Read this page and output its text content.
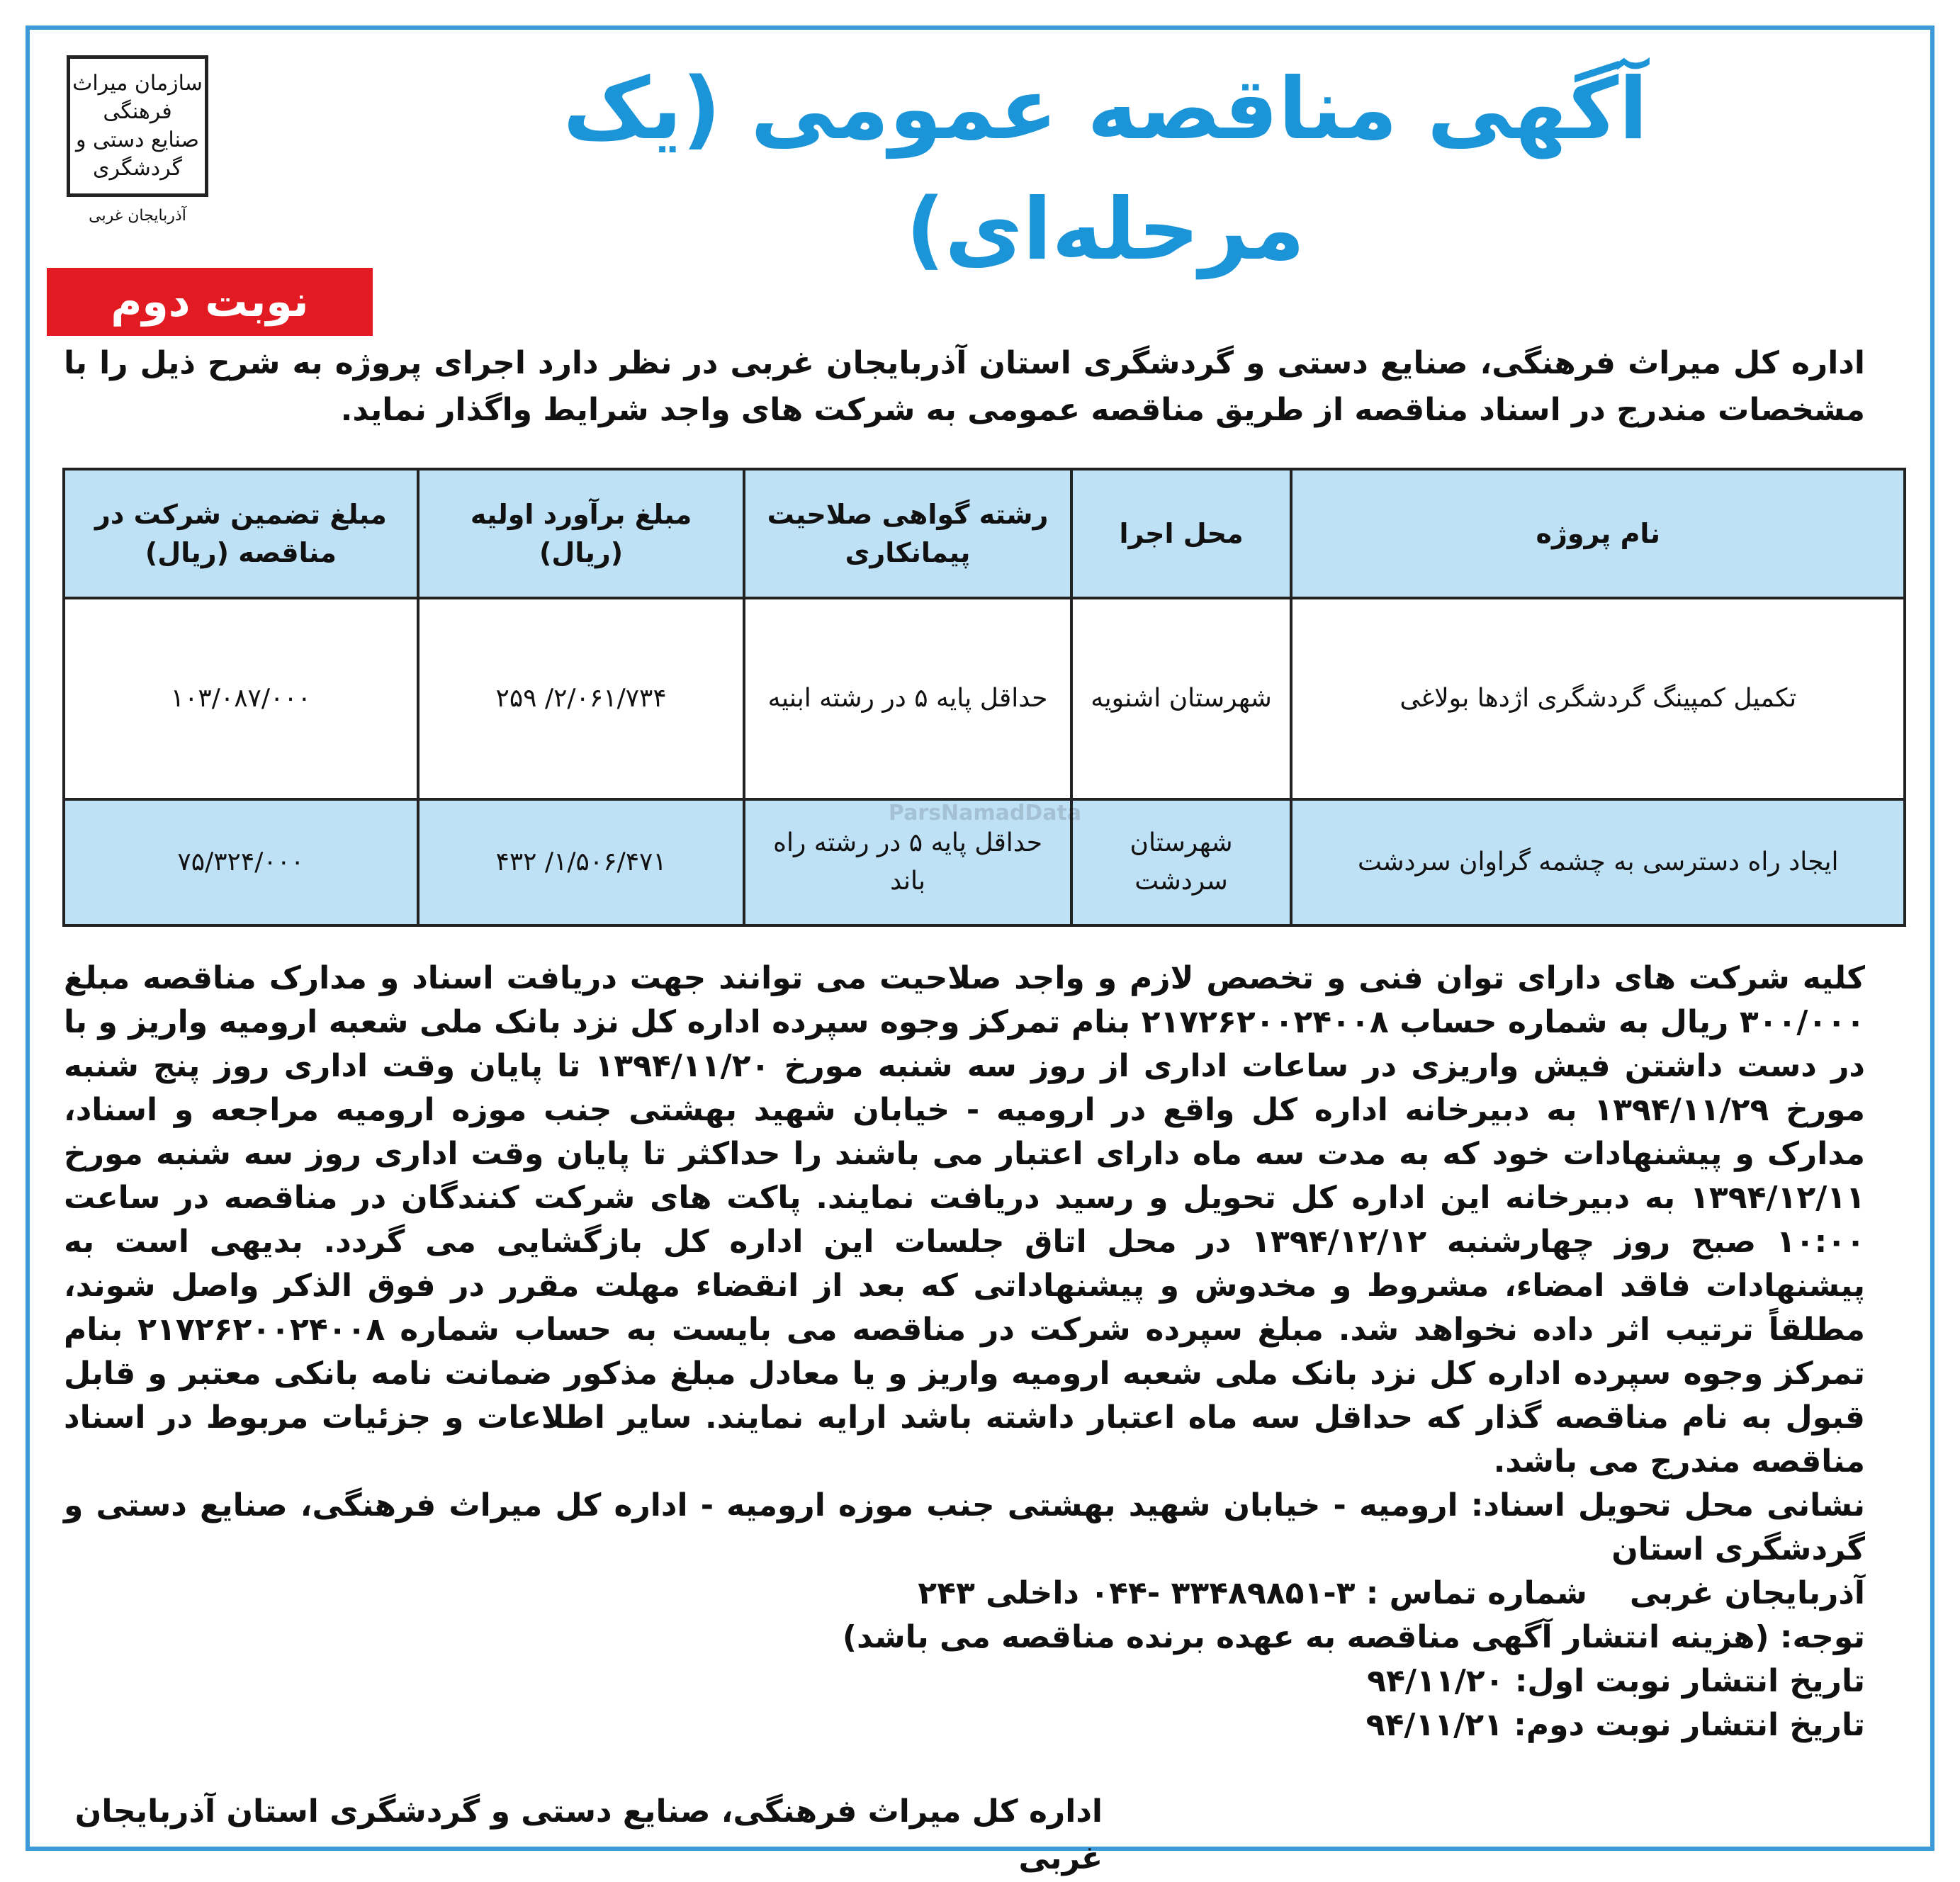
سازمان میراث فرهنگی
صنایع دستی و گردشگری
آذربایجان غربی
آگهی مناقصه عمومی (یک مرحله‌ای)
نوبت دوم
اداره کل میراث فرهنگی، صنایع دستی و گردشگری استان آذربایجان غربی در نظر دارد اجرای پروژه به شرح ذیل را با مشخصات مندرج در اسناد مناقصه از طریق مناقصه عمومی به شرکت های واجد شرایط واگذار نماید.
نام پروژه	محل اجرا	رشته گواهی صلاحیت پیمانکاری	مبلغ برآورد اولیه (ریال)	مبلغ تضمین شرکت در مناقصه (ریال)
تکمیل کمپینگ گردشگری اژدها بولاغی	شهرستان اشنویه	حداقل پایه ۵ در رشته ابنیه	۲/۰۶۱/۷۳۴/ ۲۵۹	۱۰۳/۰۸۷/۰۰۰
ایجاد راه دسترسی به چشمه گراوان سردشت	شهرستان سردشت	حداقل پایه ۵ در رشته راه باند	۱/۵۰۶/۴۷۱/ ۴۳۲	۷۵/۳۲۴/۰۰۰
ParsNamadData

کلیه شرکت های دارای توان فنی و تخصص لازم و واجد صلاحیت می توانند جهت دریافت اسناد و مدارک مناقصه مبلغ ۳۰۰/۰۰۰ ریال به شماره حساب ۲۱۷۲۶۲۰۰۲۴۰۰۸ بنام تمرکز وجوه سپرده اداره کل نزد بانک ملی شعبه ارومیه واریز و با در دست داشتن فیش واریزی در ساعات اداری از روز سه شنبه مورخ ۱۳۹۴/۱۱/۲۰ تا پایان وقت اداری روز پنج شنبه مورخ ۱۳۹۴/۱۱/۲۹ به دبیرخانه اداره کل واقع در ارومیه - خیابان شهید بهشتی جنب موزه ارومیه مراجعه و اسناد، مدارک و پیشنهادات خود که به مدت سه ماه دارای اعتبار می باشند را حداکثر تا پایان وقت اداری روز سه شنبه مورخ ۱۳۹۴/۱۲/۱۱ به دبیرخانه این اداره کل تحویل و رسید دریافت نمایند. پاکت های شرکت کنندگان در مناقصه در ساعت ۱۰:۰۰ صبح روز چهارشنبه ۱۳۹۴/۱۲/۱۲ در محل اتاق جلسات این اداره کل بازگشایی می گردد. بدیهی است به پیشنهادات فاقد امضاء، مشروط و مخدوش و پیشنهاداتی که بعد از انقضاء مهلت مقرر در فوق الذکر واصل شوند، مطلقاً ترتیب اثر داده نخواهد شد. مبلغ سپرده شرکت در مناقصه می بایست به حساب شماره ۲۱۷۲۶۲۰۰۲۴۰۰۸ بنام تمرکز وجوه سپرده اداره کل نزد بانک ملی شعبه ارومیه واریز و یا معادل مبلغ مذکور ضمانت نامه بانکی معتبر و قابل قبول به نام مناقصه گذار که حداقل سه ماه اعتبار داشته باشد ارایه نمایند. سایر اطلاعات و جزئیات مربوط در اسناد مناقصه مندرج می باشد.

نشانی محل تحویل اسناد: ارومیه - خیابان شهید بهشتی جنب موزه ارومیه - اداره کل میراث فرهنگی، صنایع دستی و گردشگری استان

آذربایجان غربی
شماره تماس : ۳-۳۳۴۸۹۸۵۱ -۰۴۴ داخلی ۲۴۳

توجه: (هزینه انتشار آگهی مناقصه به عهده برنده مناقصه می باشد)

تاریخ انتشار نوبت اول: ۹۴/۱۱/۲۰

تاریخ انتشار نوبت دوم: ۹۴/۱۱/۲۱

اداره کل میراث فرهنگی، صنایع دستی و گردشگری استان آذربایجان غربی
